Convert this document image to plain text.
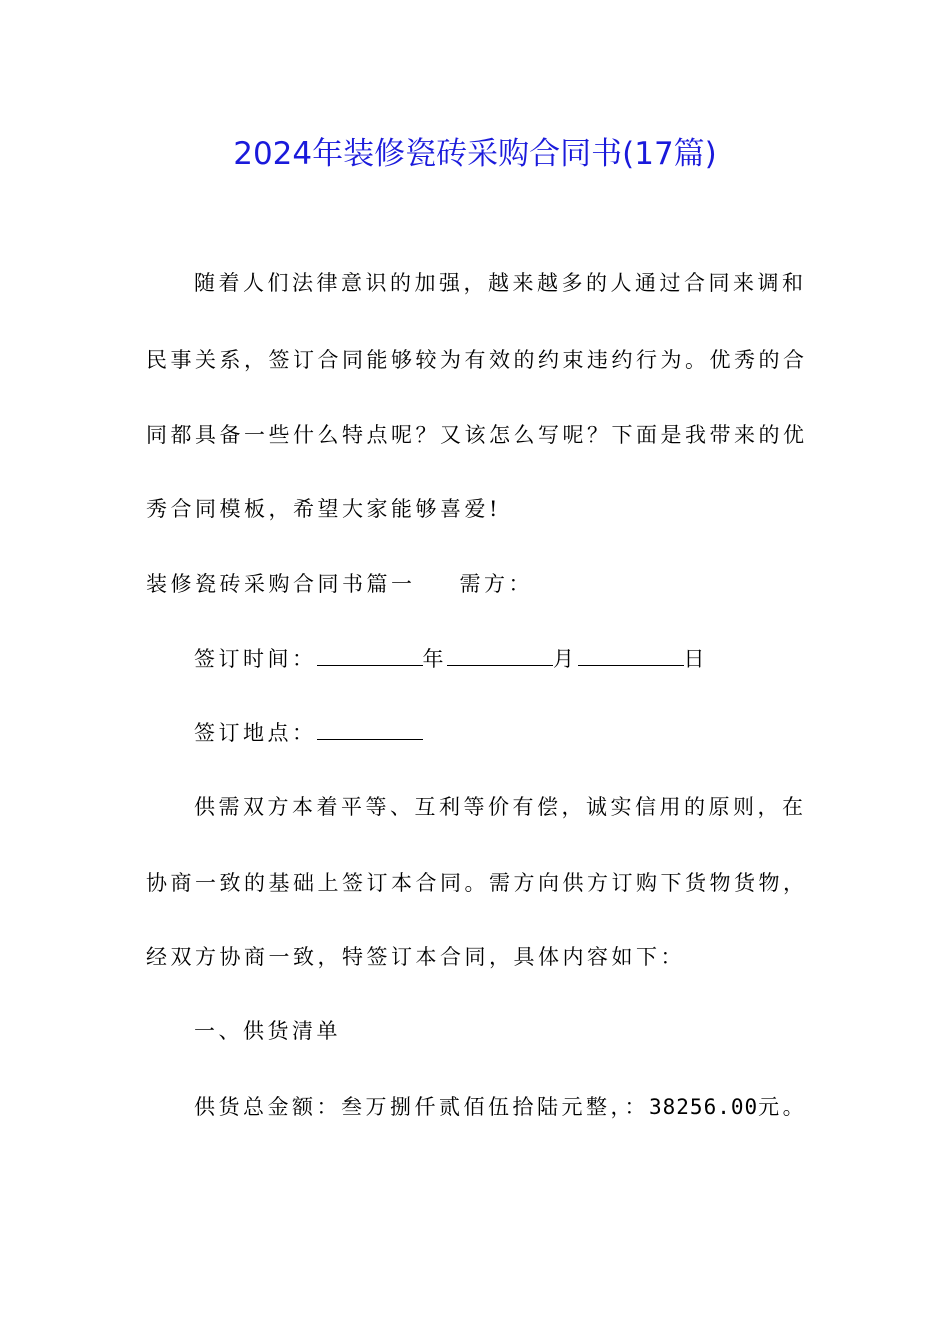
2024年装修瓷砖采购合同书(17篇)
随着人们法律意识的加强，越来越多的人通过合同来调和
民事关系，签订合同能够较为有效的约束违约行为。优秀的合
同都具备一些什么特点呢？又该怎么写呢？下面是我带来的优
秀合同模板，希望大家能够喜爱!
装修瓷砖采购合同书篇一 需方：
签订时间：	年	月	日
签订地点：
供需双方本着平等、互利等价有偿，诚实信用的原则，在
协商一致的基础上签订本合同。需方向供方订购下货物货物，
经双方协商一致，特签订本合同，具体内容如下：
一、供货清单
供货总金额：叁万捌仟贰佰伍拾陆元整，：38256.00元。
